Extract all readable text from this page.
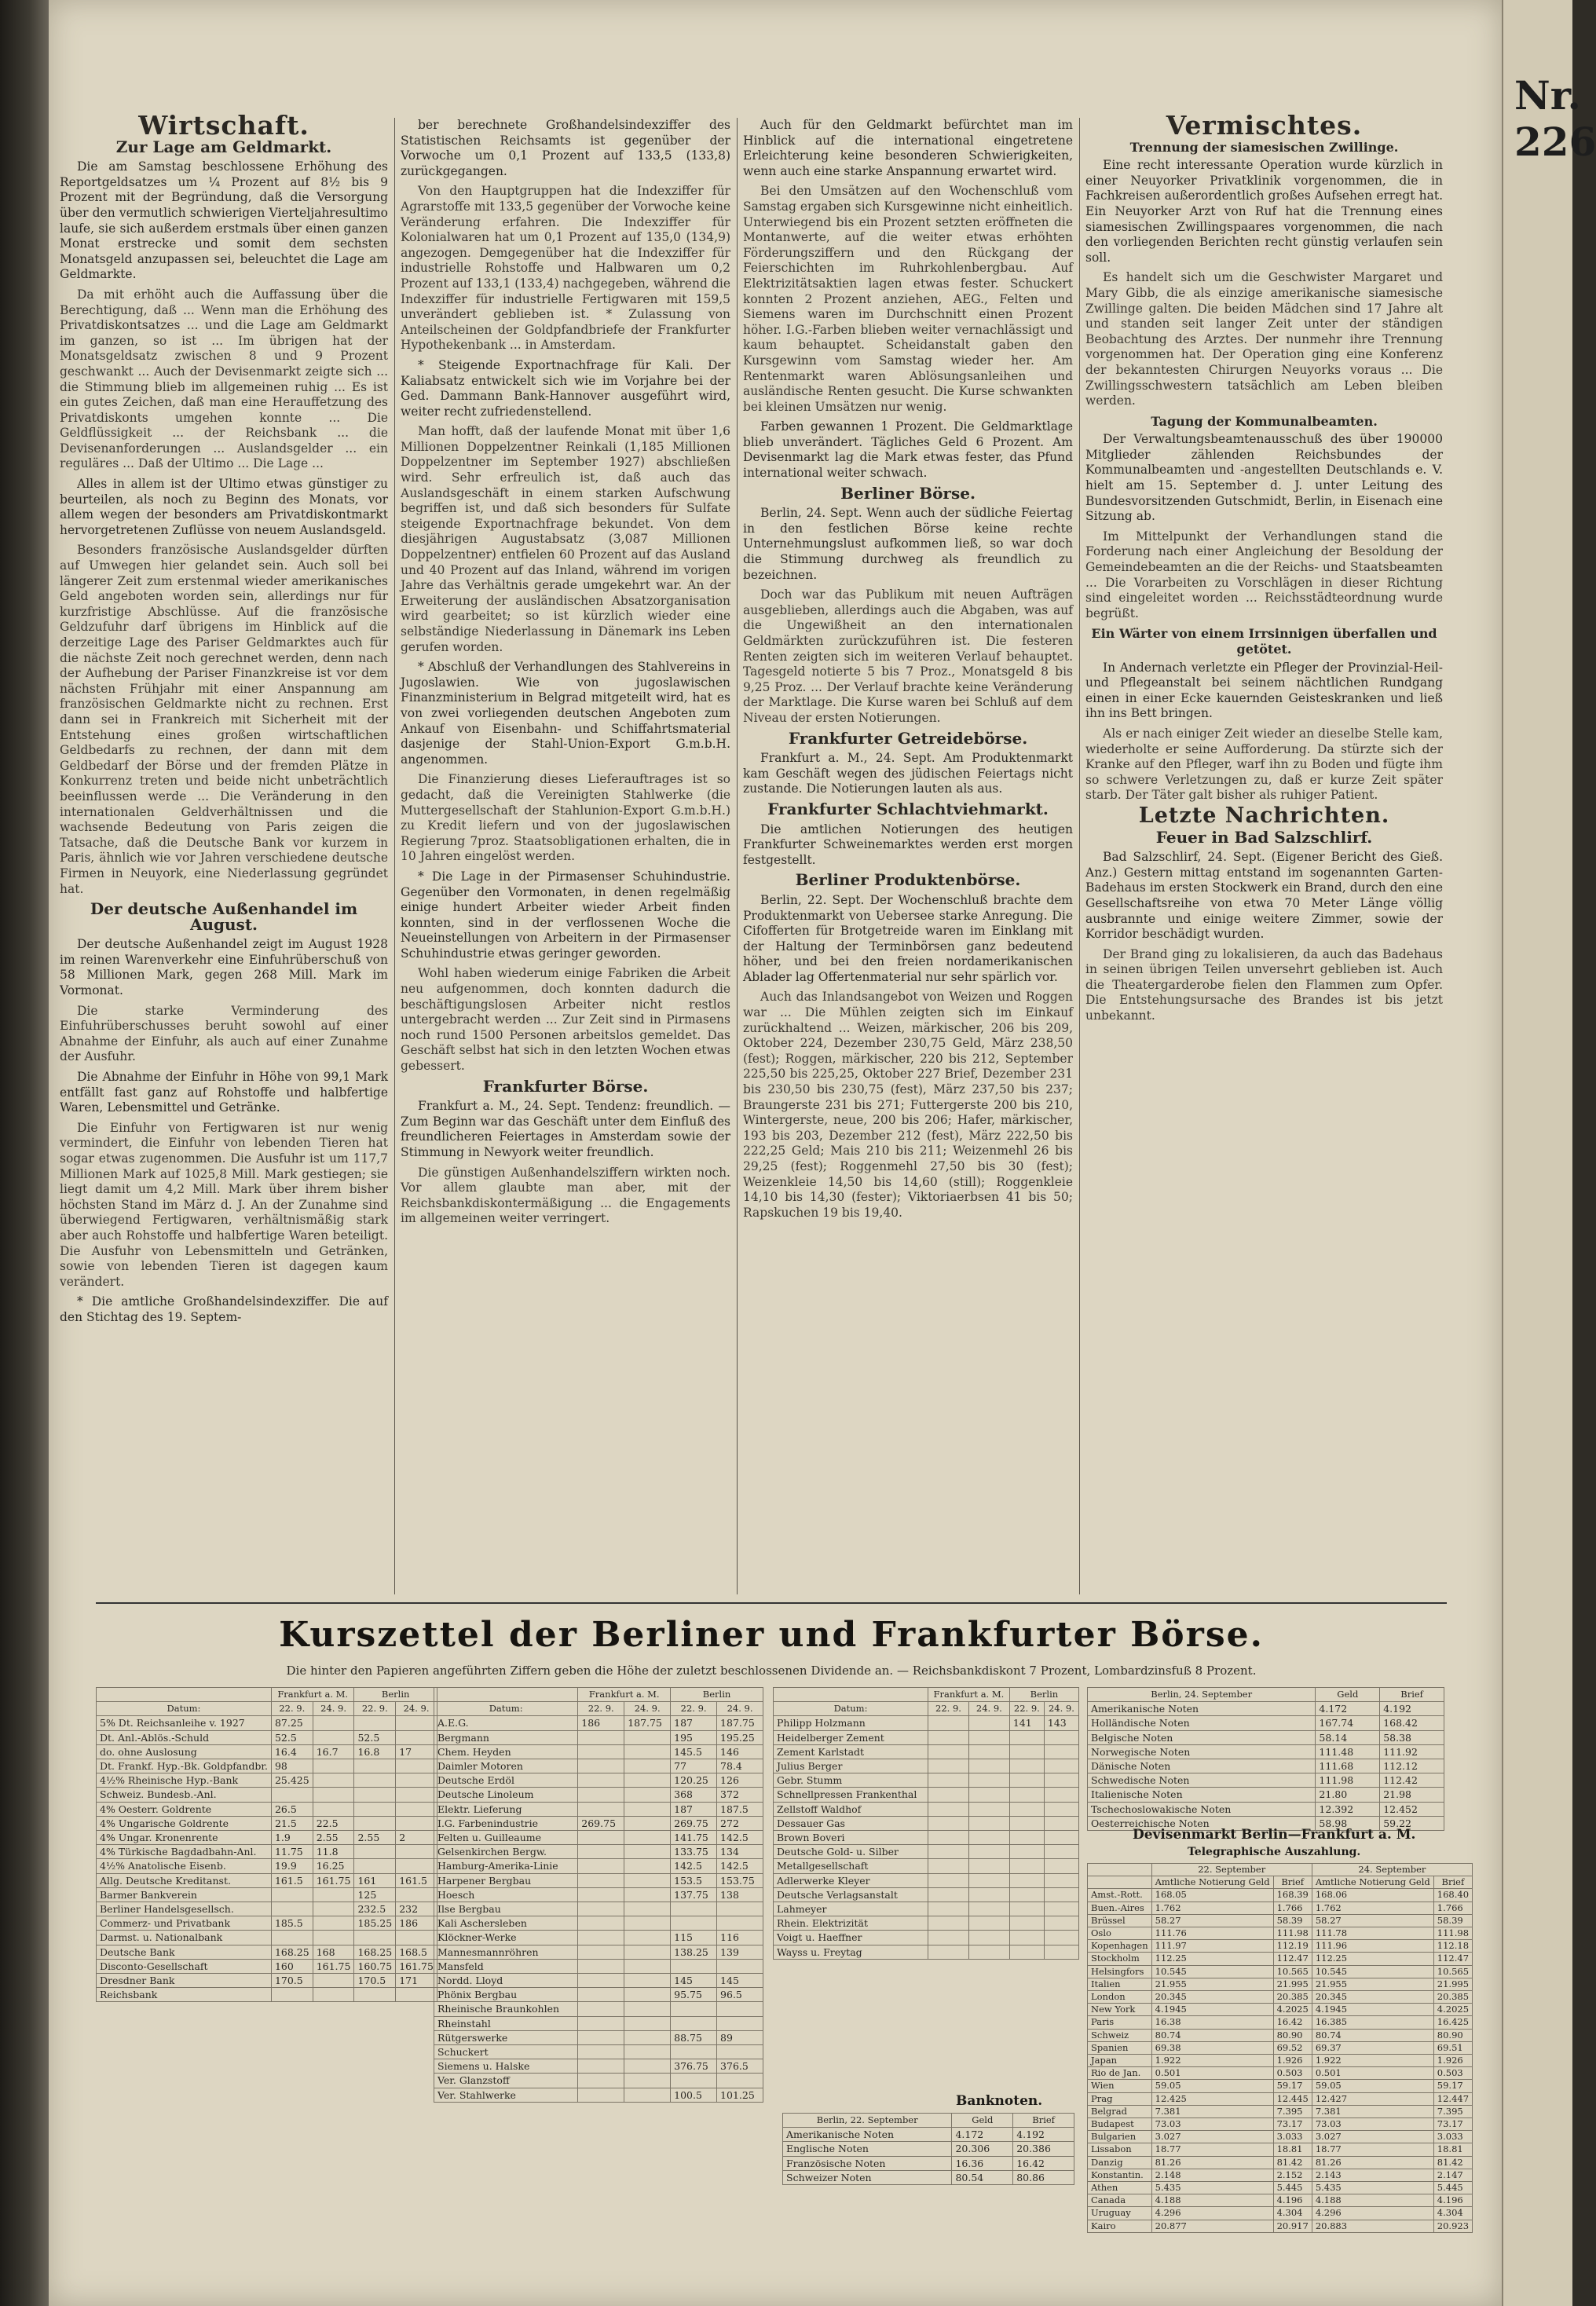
Wirtschaft.
Zur Lage am Geldmarkt.

Die am Samstag beschlossene Erhöhung des Reportgeldsatzes um ¼ Prozent auf 8½ bis 9 Prozent mit der Begründung, daß die Versorgung über den vermutlich schwierigen Vierteljahresultimo laufe, sie sich außerdem erstmals über einen ganzen Monat erstrecke und somit dem sechsten Monatsgeld anzupassen sei, beleuchtet die Lage am Geldmarkte.

Da mit erhöht auch die Auffassung über die Berechtigung, daß ... Wenn man die Erhöhung des Privatdiskontsatzes ... und die Lage am Geldmarkt im ganzen, so ist ... Im übrigen hat der Monatsgeldsatz zwischen 8 und 9 Prozent geschwankt ... Auch der Devisenmarkt zeigte sich ... die Stimmung blieb im allgemeinen ruhig ... Es ist ein gutes Zeichen, daß man eine Herauffetzung des Privatdiskonts umgehen konnte ... Die Geldflüssigkeit ... der Reichsbank ... die Devisenanforderungen ... Auslandsgelder ... ein reguläres ... Daß der Ultimo ... Die Lage ...

Alles in allem ist der Ultimo etwas günstiger zu beurteilen, als noch zu Beginn des Monats, vor allem wegen der besonders am Privatdiskontmarkt hervorgetretenen Zuflüsse von neuem Auslandsgeld.

Besonders französische Auslandsgelder dürften auf Umwegen hier gelandet sein. Auch soll bei längerer Zeit zum erstenmal wieder amerikanisches Geld angeboten worden sein, allerdings nur für kurzfristige Abschlüsse. Auf die französische Geldzufuhr darf übrigens im Hinblick auf die derzeitige Lage des Pariser Geldmarktes auch für die nächste Zeit noch gerechnet werden, denn nach der Aufhebung der Pariser Finanzkreise ist vor dem nächsten Frühjahr mit einer Anspannung am französischen Geldmarkte nicht zu rechnen. Erst dann sei in Frankreich mit Sicherheit mit der Entstehung eines großen wirtschaftlichen Geldbedarfs zu rechnen, der dann mit dem Geldbedarf der Börse und der fremden Plätze in Konkurrenz treten und beide nicht unbeträchtlich beeinflussen werde ... Die Veränderung in den internationalen Geldverhältnissen und die wachsende Bedeutung von Paris zeigen die Tatsache, daß die Deutsche Bank vor kurzem in Paris, ähnlich wie vor Jahren verschiedene deutsche Firmen in Neuyork, eine Niederlassung gegründet hat.

Der deutsche Außenhandel im August.

Der deutsche Außenhandel zeigt im August 1928 im reinen Warenverkehr eine Einfuhrüberschuß von 58 Millionen Mark, gegen 268 Mill. Mark im Vormonat.

Die starke Verminderung des Einfuhrüberschusses beruht sowohl auf einer Abnahme der Einfuhr, als auch auf einer Zunahme der Ausfuhr.

Die Abnahme der Einfuhr in Höhe von 99,1 Mark entfällt fast ganz auf Rohstoffe und halbfertige Waren, Lebensmittel und Getränke.

Die Einfuhr von Fertigwaren ist nur wenig vermindert, die Einfuhr von lebenden Tieren hat sogar etwas zugenommen. Die Ausfuhr ist um 117,7 Millionen Mark auf 1025,8 Mill. Mark gestiegen; sie liegt damit um 4,2 Mill. Mark über ihrem bisher höchsten Stand im März d. J. An der Zunahme sind überwiegend Fertigwaren, verhältnismäßig stark aber auch Rohstoffe und halbfertige Waren beteiligt. Die Ausfuhr von Lebensmitteln und Getränken, sowie von lebenden Tieren ist dagegen kaum verändert.

* Die amtliche Großhandelsindexziffer. Die auf den Stichtag des 19. Septem-

ber berechnete Großhandelsindexziffer des Statistischen Reichsamts ist gegenüber der Vorwoche um 0,1 Prozent auf 133,5 (133,8) zurückgegangen.

Von den Hauptgruppen hat die Indexziffer für Agrarstoffe mit 133,5 gegenüber der Vorwoche keine Veränderung erfahren. Die Indexziffer für Kolonialwaren hat um 0,1 Prozent auf 135,0 (134,9) angezogen. Demgegenüber hat die Indexziffer für industrielle Rohstoffe und Halbwaren um 0,2 Prozent auf 133,1 (133,4) nachgegeben, während die Indexziffer für industrielle Fertigwaren mit 159,5 unverändert geblieben ist. * Zulassung von Anteilscheinen der Goldpfandbriefe der Frankfurter Hypothekenbank ... in Amsterdam.

* Steigende Exportnachfrage für Kali. Der Kaliabsatz entwickelt sich wie im Vorjahre bei der Ged. Dammann Bank-Hannover ausgeführt wird, weiter recht zufriedenstellend.

Man hofft, daß der laufende Monat mit über 1,6 Millionen Doppelzentner Reinkali (1,185 Millionen Doppelzentner im September 1927) abschließen wird. Sehr erfreulich ist, daß auch das Auslandsgeschäft in einem starken Aufschwung begriffen ist, und daß sich besonders für Sulfate steigende Exportnachfrage bekundet. Von dem diesjährigen Augustabsatz (3,087 Millionen Doppelzentner) entfielen 60 Prozent auf das Ausland und 40 Prozent auf das Inland, während im vorigen Jahre das Verhältnis gerade umgekehrt war. An der Erweiterung der ausländischen Absatzorganisation wird gearbeitet; so ist kürzlich wieder eine selbständige Niederlassung in Dänemark ins Leben gerufen worden.

* Abschluß der Verhandlungen des Stahlvereins in Jugoslawien. Wie von jugoslawischen Finanzministerium in Belgrad mitgeteilt wird, hat es von zwei vorliegenden deutschen Angeboten zum Ankauf von Eisenbahn- und Schiffahrtsmaterial dasjenige der Stahl-Union-Export G.m.b.H. angenommen.

Die Finanzierung dieses Lieferauftrages ist so gedacht, daß die Vereinigten Stahlwerke (die Muttergesellschaft der Stahlunion-Export G.m.b.H.) zu Kredit liefern und von der jugoslawischen Regierung 7proz. Staatsobligationen erhalten, die in 10 Jahren eingelöst werden.

* Die Lage in der Pirmasenser Schuhindustrie. Gegenüber den Vormonaten, in denen regelmäßig einige hundert Arbeiter wieder Arbeit finden konnten, sind in der verflossenen Woche die Neueinstellungen von Arbeitern in der Pirmasenser Schuhindustrie etwas geringer geworden.

Wohl haben wiederum einige Fabriken die Arbeit neu aufgenommen, doch konnten dadurch die beschäftigungslosen Arbeiter nicht restlos untergebracht werden ... Zur Zeit sind in Pirmasens noch rund 1500 Personen arbeitslos gemeldet. Das Geschäft selbst hat sich in den letzten Wochen etwas gebessert.

Frankfurter Börse.

Frankfurt a. M., 24. Sept. Tendenz: freundlich. — Zum Beginn war das Geschäft unter dem Einfluß des freundlicheren Feiertages in Amsterdam sowie der Stimmung in Newyork weiter freundlich.

Die günstigen Außenhandelsziffern wirkten noch. Vor allem glaubte man aber, mit der Reichsbankdiskontermäßigung ... die Engagements im allgemeinen weiter verringert.

Auch für den Geldmarkt befürchtet man im Hinblick auf die international eingetretene Erleichterung keine besonderen Schwierigkeiten, wenn auch eine starke Anspannung erwartet wird.

Bei den Umsätzen auf den Wochenschluß vom Samstag ergaben sich Kursgewinne nicht einheitlich. Unterwiegend bis ein Prozent setzten eröffneten die Montanwerte, auf die weiter etwas erhöhten Förderungsziffern und den Rückgang der Feierschichten im Ruhrkohlenbergbau. Auf Elektrizitätsaktien lagen etwas fester. Schuckert konnten 2 Prozent anziehen, AEG., Felten und Siemens waren im Durchschnitt einen Prozent höher. I.G.-Farben blieben weiter vernachlässigt und kaum behauptet. Scheidanstalt gaben den Kursgewinn vom Samstag wieder her. Am Rentenmarkt waren Ablösungsanleihen und ausländische Renten gesucht. Die Kurse schwankten bei kleinen Umsätzen nur wenig.

Farben gewannen 1 Prozent. Die Geldmarktlage blieb unverändert. Tägliches Geld 6 Prozent. Am Devisenmarkt lag die Mark etwas fester, das Pfund international weiter schwach.

Berliner Börse.

Berlin, 24. Sept. Wenn auch der südliche Feiertag in den festlichen Börse keine rechte Unternehmungslust aufkommen ließ, so war doch die Stimmung durchweg als freundlich zu bezeichnen.

Doch war das Publikum mit neuen Aufträgen ausgeblieben, allerdings auch die Abgaben, was auf die Ungewißheit an den internationalen Geldmärkten zurückzuführen ist. Die festeren Renten zeigten sich im weiteren Verlauf behauptet. Tagesgeld notierte 5 bis 7 Proz., Monatsgeld 8 bis 9,25 Proz. ... Der Verlauf brachte keine Veränderung der Marktlage. Die Kurse waren bei Schluß auf dem Niveau der ersten Notierungen.

Frankfurter Getreidebörse.

Frankfurt a. M., 24. Sept. Am Produktenmarkt kam Geschäft wegen des jüdischen Feiertags nicht zustande. Die Notierungen lauten als aus.

Frankfurter Schlachtviehmarkt.

Die amtlichen Notierungen des heutigen Frankfurter Schweinemarktes werden erst morgen festgestellt.

Berliner Produktenbörse.

Berlin, 22. Sept. Der Wochenschluß brachte dem Produktenmarkt von Ueberseе starke Anregung. Die Cifofferten für Brotgetreide waren im Einklang mit der Haltung der Terminbörsen ganz bedeutend höher, und bei den freien nordamerikanischen Ablader lag Offertenmaterial nur sehr spärlich vor.

Auch das Inlandsangebot von Weizen und Roggen war ... Die Mühlen zeigten sich im Einkauf zurückhaltend ... Weizen, märkischer, 206 bis 209, Oktober 224, Dezember 230,75 Geld, März 238,50 (fest); Roggen, märkischer, 220 bis 212, September 225,50 bis 225,25, Oktober 227 Brief, Dezember 231 bis 230,50 bis 230,75 (fest), März 237,50 bis 237; Braungerste 231 bis 271; Futtergerste 200 bis 210, Wintergerste, neue, 200 bis 206; Hafer, märkischer, 193 bis 203, Dezember 212 (fest), März 222,50 bis 222,25 Geld; Mais 210 bis 211; Weizenmehl 26 bis 29,25 (fest); Roggenmehl 27,50 bis 30 (fest); Weizenkleie 14,50 bis 14,60 (still); Roggenkleie 14,10 bis 14,30 (fester); Viktoriaerbsen 41 bis 50; Rapskuchen 19 bis 19,40.

Vermischtes.
Trennung der siamesischen Zwillinge.

Eine recht interessante Operation wurde kürzlich in einer Neuyorker Privatklinik vorgenommen, die in Fachkreisen außerordentlich großes Aufsehen erregt hat. Ein Neuyorker Arzt von Ruf hat die Trennung eines siamesischen Zwillingspaares vorgenommen, die nach den vorliegenden Berichten recht günstig verlaufen sein soll.

Es handelt sich um die Geschwister Margaret und Mary Gibb, die als einzige amerikanische siamesische Zwillinge galten. Die beiden Mädchen sind 17 Jahre alt und standen seit langer Zeit unter der ständigen Beobachtung des Arztes. Der nunmehr ihre Trennung vorgenommen hat. Der Operation ging eine Konferenz der bekanntesten Chirurgen Neuyorks voraus ... Die Zwillingsschwestern tatsächlich am Leben bleiben werden.

Tagung der Kommunalbeamten.

Der Verwaltungsbeamtenausschuß des über 190000 Mitglieder zählenden Reichsbundes der Kommunalbeamten und -angestellten Deutschlands e. V. hielt am 15. September d. J. unter Leitung des Bundesvorsitzenden Gutschmidt, Berlin, in Eisenach eine Sitzung ab.

Im Mittelpunkt der Verhandlungen stand die Forderung nach einer Angleichung der Besoldung der Gemeindebeamten an die der Reichs- und Staatsbeamten ... Die Vorarbeiten zu Vorschlägen in dieser Richtung sind eingeleitet worden ... Reichsstädteordnung wurde begrüßt.

Ein Wärter von einem Irrsinnigen überfallen und getötet.

In Andernach verletzte ein Pfleger der Provinzial-Heil- und Pflegeanstalt bei seinem nächtlichen Rundgang einen in einer Ecke kauernden Geisteskranken und ließ ihn ins Bett bringen.

Als er nach einiger Zeit wieder an dieselbe Stelle kam, wiederholte er seine Aufforderung. Da stürzte sich der Kranke auf den Pfleger, warf ihn zu Boden und fügte ihm so schwere Verletzungen zu, daß er kurze Zeit später starb. Der Täter galt bisher als ruhiger Patient.

Letzte Nachrichten.
Feuer in Bad Salzschlirf.

Bad Salzschlirf, 24. Sept. (Eigener Bericht des Gieß. Anz.) Gestern mittag entstand im sogenannten Garten-Badehaus im ersten Stockwerk ein Brand, durch den eine Gesellschaftsreihe von etwa 70 Meter Länge völlig ausbrannte und einige weitere Zimmer, sowie der Korridor beschädigt wurden.

Der Brand ging zu lokalisieren, da auch das Badehaus in seinen übrigen Teilen unversehrt geblieben ist. Auch die Theatergarderobe fielen den Flammen zum Opfer. Die Entstehungsursache des Brandes ist bis jetzt unbekannt.

Kurszettel der Berliner und Frankfurter Börse.
Die hinter den Papieren angeführten Ziffern geben die Höhe der zuletzt beschlossenen Dividende an. — Reichsbankdiskont 7 Prozent, Lombardzinsfuß 8 Prozent.
	Frankfurt a. M.		Berlin	
Datum:	22. 9.	24. 9.	22. 9.	24. 9.
5% Dt. Reichsanleihe v. 1927	87.25			
Dt. Anl.-Ablös.-Schuld	52.5		52.5	
do. ohne Auslosung	16.4	16.7	16.8	17
Dt. Frankf. Hyp.-Bk. Goldpfandbr.	98			
4½% Rheinische Hyp.-Bank	25.425			
Schweiz. Bundesb.-Anl.				
4% Oesterr. Goldrente	26.5			
4% Ungarische Goldrente	21.5	22.5		
4% Ungar. Kronenrente	1.9	2.55	2.55	2
4% Türkische Bagdadbahn-Anl.	11.75	11.8		
4½% Anatolische Eisenb.	19.9	16.25		
Allg. Deutsche Kreditanst.	161.5	161.75	161	161.5
Barmer Bankverein			125	
Berliner Handelsgesellsch.			232.5	232
Commerz- und Privatbank	185.5		185.25	186
Darmst. u. Nationalbank				
Deutsche Bank	168.25	168	168.25	168.5
Disconto-Gesellschaft	160	161.75	160.75	161.75
Dresdner Bank	170.5		170.5	171
Reichsbank				
	Frankfurt a. M.		Berlin	
Datum:	22. 9.	24. 9.	22. 9.	24. 9.
A.E.G.	186	187.75	187	187.75
Bergmann			195	195.25
Chem. Heyden			145.5	146
Daimler Motoren			77	78.4
Deutsche Erdöl			120.25	126
Deutsche Linoleum			368	372
Elektr. Lieferung			187	187.5
I.G. Farbenindustrie	269.75		269.75	272
Felten u. Guilleaume			141.75	142.5
Gelsenkirchen Bergw.			133.75	134
Hamburg-Amerika-Linie			142.5	142.5
Harpener Bergbau			153.5	153.75
Hoesch			137.75	138
Ilse Bergbau				
Kali Aschersleben				
Klöckner-Werke			115	116
Mannesmannröhren			138.25	139
Mansfeld				
Nordd. Lloyd			145	145
Phönix Bergbau			95.75	96.5
Rheinische Braunkohlen				
Rheinstahl				
Rütgerswerke			88.75	89
Schuckert				
Siemens u. Halske			376.75	376.5
Ver. Glanzstoff				
Ver. Stahlwerke			100.5	101.25
	Frankfurt a. M.		Berlin	
Datum:	22. 9.	24. 9.	22. 9.	24. 9.
Philipp Holzmann			141	143
Heidelberger Zement				
Zement Karlstadt				
Julius Berger				
Gebr. Stumm				
Schnellpressen Frankenthal				
Zellstoff Waldhof				
Dessauer Gas				
Brown Boveri				
Deutsche Gold- u. Silber				
Metallgesellschaft				
Adlerwerke Kleyer				
Deutsche Verlagsanstalt				
Lahmeyer				
Rhein. Elektrizität				
Voigt u. Haeffner				
Wayss u. Freytag				
Banknoten.
Berlin, 22. September	Geld	Brief
Amerikanische Noten	4.172	4.192
Englische Noten	20.306	20.386
Französische Noten	16.36	16.42
Schweizer Noten	80.54	80.86
Berlin, 24. September	Geld	Brief
Amerikanische Noten	4.172	4.192
Holländische Noten	167.74	168.42
Belgische Noten	58.14	58.38
Norwegische Noten	111.48	111.92
Dänische Noten	111.68	112.12
Schwedische Noten	111.98	112.42
Italienische Noten	21.80	21.98
Tschechoslowakische Noten	12.392	12.452
Oesterreichische Noten	58.98	59.22
Devisenmarkt Berlin—Frankfurt a. M.
Telegraphische Auszahlung.
	22. September		24. September	
	Amtliche Notierung Geld	Brief	Amtliche Notierung Geld	Brief
Amst.-Rott.	168.05	168.39	168.06	168.40
Buen.-Aires	1.762	1.766	1.762	1.766
Brüssel	58.27	58.39	58.27	58.39
Oslo	111.76	111.98	111.78	111.98
Kopenhagen	111.97	112.19	111.96	112.18
Stockholm	112.25	112.47	112.25	112.47
Helsingfors	10.545	10.565	10.545	10.565
Italien	21.955	21.995	21.955	21.995
London	20.345	20.385	20.345	20.385
New York	4.1945	4.2025	4.1945	4.2025
Paris	16.38	16.42	16.385	16.425
Schweiz	80.74	80.90	80.74	80.90
Spanien	69.38	69.52	69.37	69.51
Japan	1.922	1.926	1.922	1.926
Rio de Jan.	0.501	0.503	0.501	0.503
Wien	59.05	59.17	59.05	59.17
Prag	12.425	12.445	12.427	12.447
Belgrad	7.381	7.395	7.381	7.395
Budapest	73.03	73.17	73.03	73.17
Bulgarien	3.027	3.033	3.027	3.033
Lissabon	18.77	18.81	18.77	18.81
Danzig	81.26	81.42	81.26	81.42
Konstantin.	2.148	2.152	2.143	2.147
Athen	5.435	5.445	5.435	5.445
Canada	4.188	4.196	4.188	4.196
Uruguay	4.296	4.304	4.296	4.304
Kairo	20.877	20.917	20.883	20.923
Nr. 226
